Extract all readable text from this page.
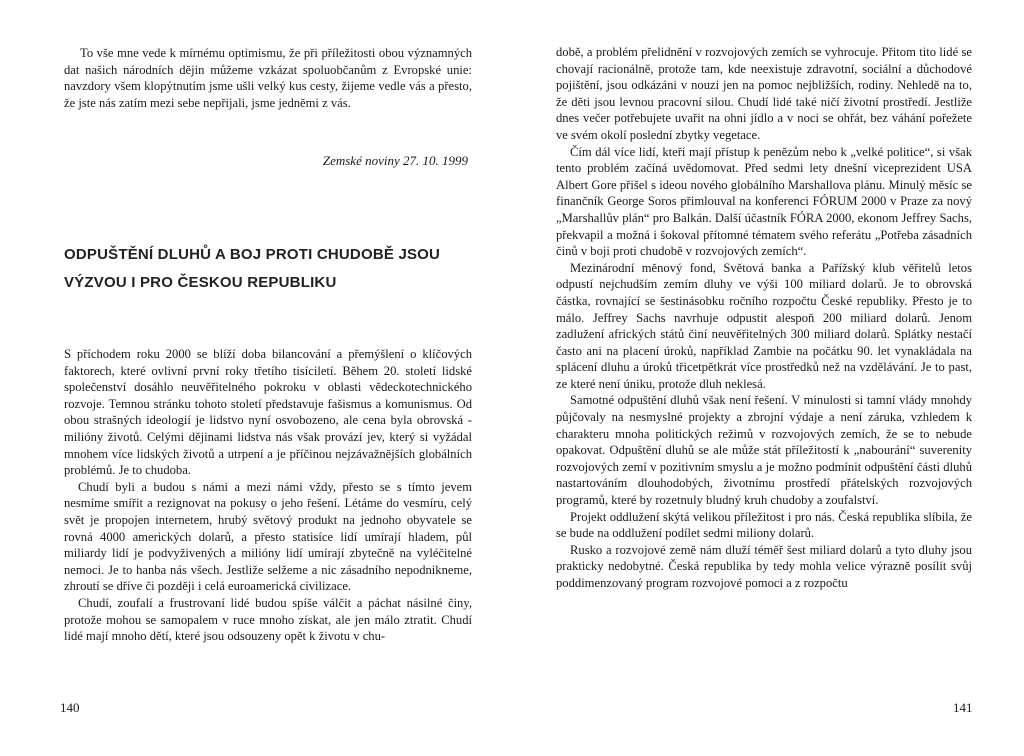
To vše mne vede k mírnému optimismu, že při příležitosti obou významných dat našich národních dějin můžeme vzkázat spoluobčanům z Evropské unie: navzdory všem klopýtnutím jsme ušli velký kus cesty, žijeme vedle vás a přesto, že jste nás zatím mezi sebe nepřijali, jsme jedněmi z vás.

Zemské noviny 27. 10. 1999
ODPUŠTĚNÍ DLUHŮ A BOJ PROTI CHUDOBĚ JSOU
VÝZVOU I PRO ČESKOU REPUBLIKU

S příchodem roku 2000 se blíží doba bilancování a přemýšlení o klíčových faktorech, které ovlivní první roky třetího tisíciletí. Během 20. století lidské společenství dosáhlo neuvěřitelného pokroku v oblasti vědeckotechnického rozvoje. Temnou stránku tohoto století představuje fašismus a komunismus. Od obou strašných ideologií je lidstvo nyní osvobozeno, ale cena byla obrovská - milióny životů. Celými dějinami lidstva nás však provází jev, který si vyžádal mnohem více lidských životů a utrpení a je příčinou nejzávažnějších globálních problémů. Je to chudoba.

Chudí byli a budou s námi a mezi námi vždy, přesto se s tímto jevem nesmíme smířit a rezignovat na pokusy o jeho řešení. Létáme do vesmíru, celý svět je propojen internetem, hrubý světový produkt na jednoho obyvatele se rovná 4000 amerických dolarů, a přesto statisíce lidí umírají hladem, půl miliardy lidí je podvyživených a milióny lidí umírají zbytečně na vyléčitelné nemoci. Je to hanba nás všech. Jestliže selžeme a nic zásadního nepodnikneme, zhroutí se dříve či později i celá euroamerická civilizace.

Chudí, zoufalí a frustrovaní lidé budou spíše válčit a páchat násilné činy, protože mohou se samopalem v ruce mnoho získat, ale jen málo ztratit. Chudí lidé mají mnoho dětí, které jsou odsouzeny opět k životu v chu-

140

době, a problém přelidnění v rozvojových zemích se vyhrocuje. Přitom tito lidé se chovají racionálně, protože tam, kde neexistuje zdravotní, sociální a důchodové pojištění, jsou odkázáni v nouzi jen na pomoc nejbližších, rodiny. Nehledě na to, že děti jsou levnou pracovní silou. Chudí lidé také ničí životní prostředí. Jestliže dnes večer potřebujete uvařit na ohni jídlo a v noci se ohřát, bez váhání pořežete ve svém okolí poslední zbytky vegetace.

Čím dál více lidí, kteří mají přístup k penězům nebo k „velké politice“, si však tento problém začíná uvědomovat. Před sedmi lety dnešní viceprezident USA Albert Gore přišel s ideou nového globálního Marshallova plánu. Minulý měsíc se finančník George Soros přimlouval na konferenci FÓRUM 2000 v Praze za nový „Marshallův plán“ pro Balkán. Další účastník FÓRA 2000, ekonom Jeffrey Sachs, překvapil a možná i šokoval přítomné tématem svého referátu „Potřeba zásadních činů v boji proti chudobě v rozvojových zemích“.

Mezinárodní měnový fond, Světová banka a Pařížský klub věřitelů letos odpustí nejchudším zemím dluhy ve výši 100 miliard dolarů. Je to obrovská částka, rovnající se šestinásobku ročního rozpočtu České republiky. Přesto je to málo. Jeffrey Sachs navrhuje odpustit alespoň 200 miliard dolarů. Jenom zadlužení afrických států činí neuvěřitelných 300 miliard dolarů. Splátky nestačí často ani na placení úroků, například Zambie na počátku 90. let vynakládala na splácení dluhu a úroků třicetpětkrát více prostředků než na vzdělávání. Je to past, ze které není úniku, protože dluh neklesá.

Samotné odpuštění dluhů však není řešení. V minulosti si tamní vlády mnohdy půjčovaly na nesmyslné projekty a zbrojní výdaje a není záruka, vzhledem k charakteru mnoha politických režimů v rozvojových zemích, že se to nebude opakovat. Odpuštění dluhů se ale může stát příležitostí k „nabourání“ suverenity rozvojových zemí v pozitivním smyslu a je možno podmínit odpuštění části dluhů nastartováním dlouhodobých, životnímu prostředí přátelských rozvojových programů, které by rozetnuly bludný kruh chudoby a zoufalství.

Projekt oddlužení skýtá velikou příležitost i pro nás. Česká republika slíbila, že se bude na oddlužení podílet sedmi miliony dolarů.

Rusko a rozvojové země nám dluží téměř šest miliard dolarů a tyto dluhy jsou prakticky nedobytné. Česká republika by tedy mohla velice výrazně posílit svůj poddimenzovaný program rozvojové pomoci a z rozpočtu

141
